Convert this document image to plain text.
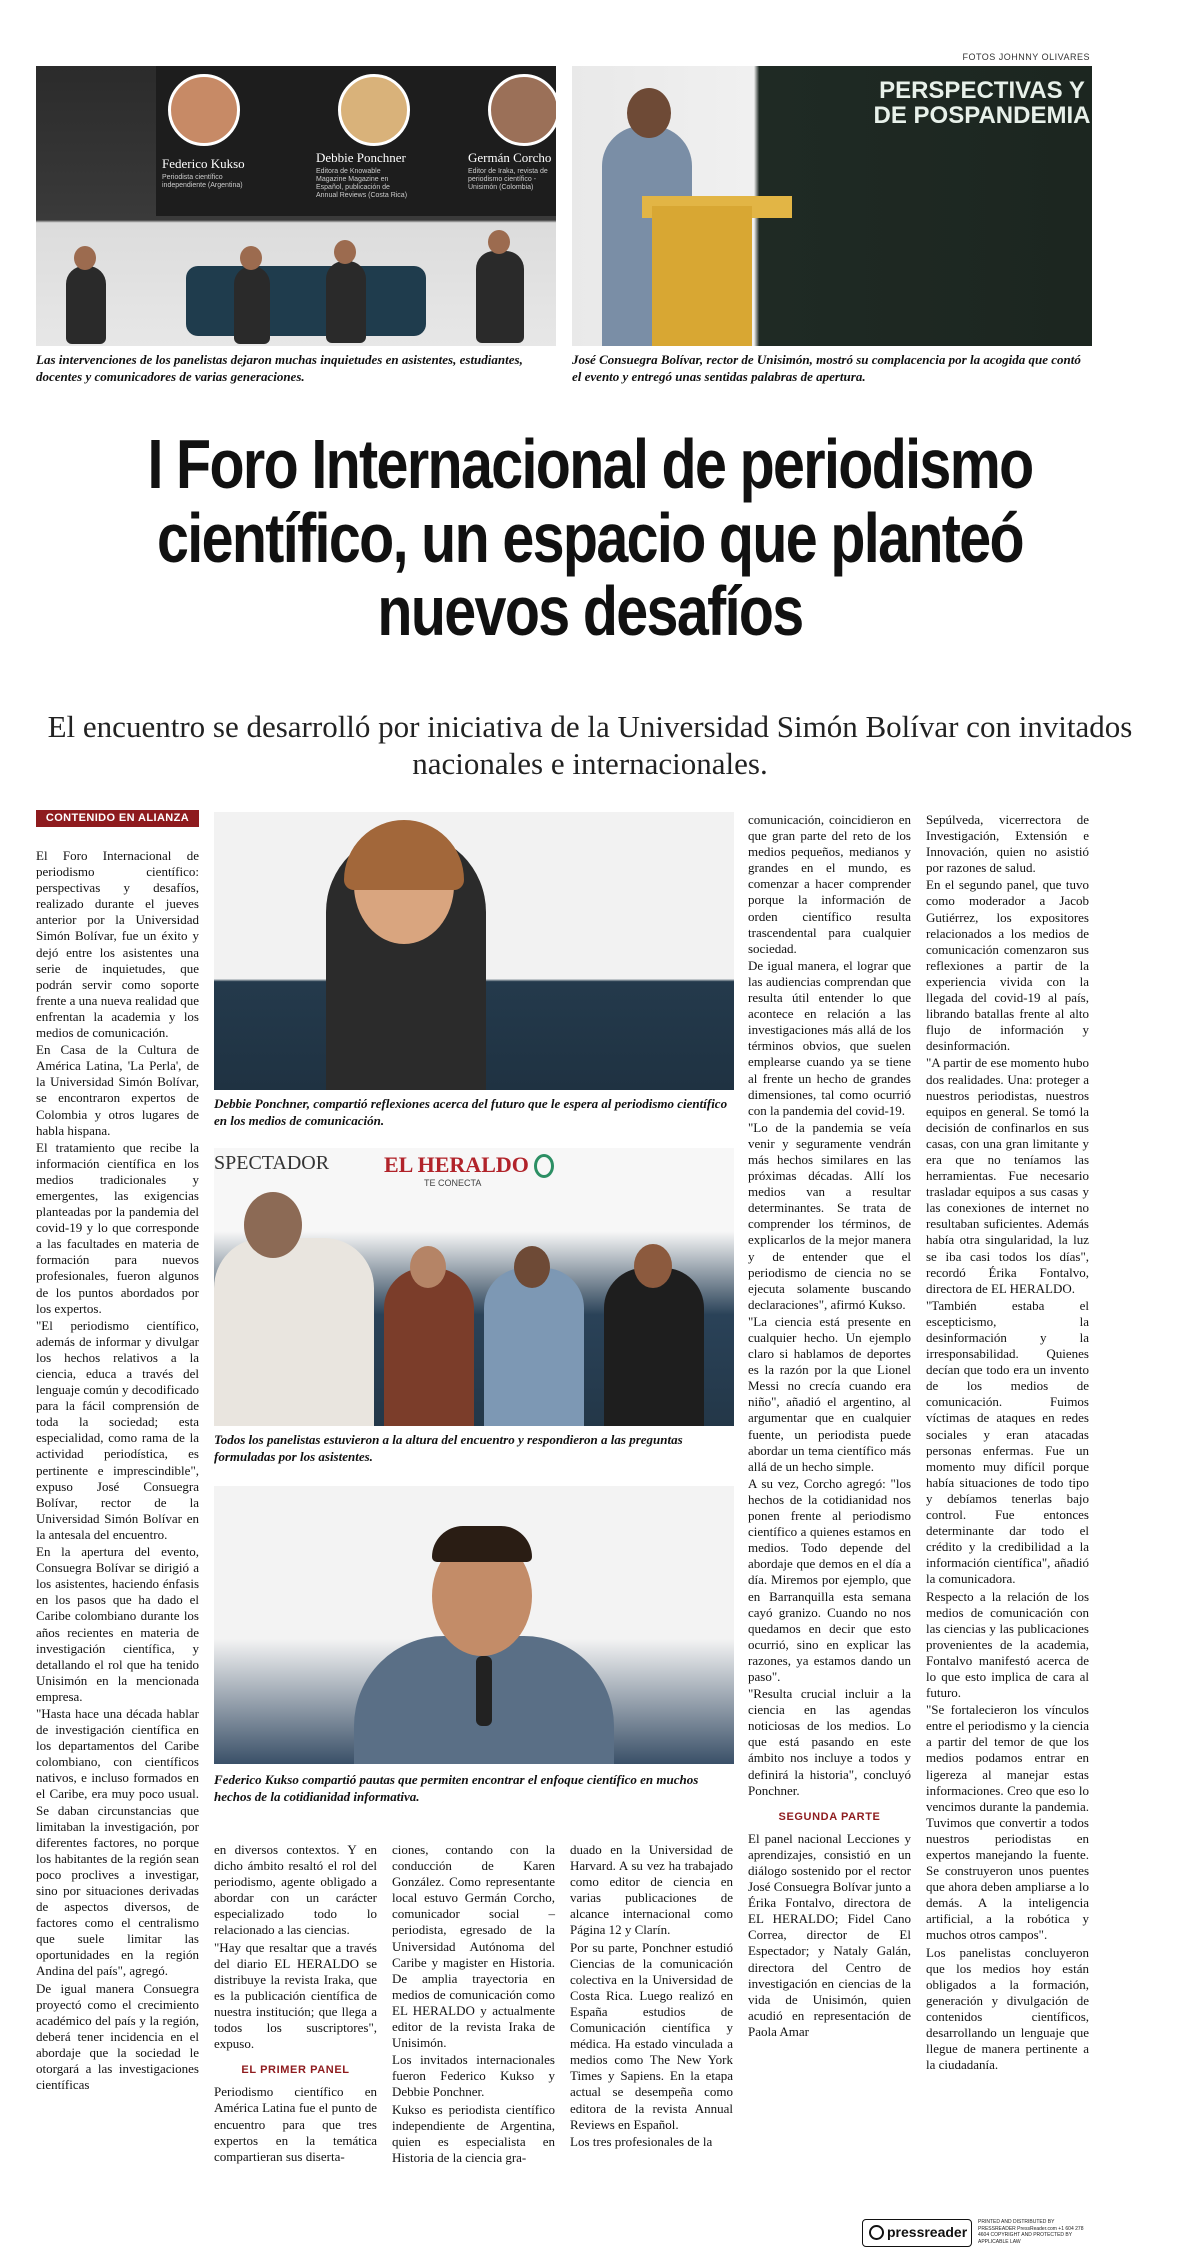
FOTOS JOHNNY OLIVARES
Federico Kukso
Periodista científico independiente (Argentina)
Debbie Ponchner
Editora de Knowable Magazine Magazine en Español, publicación de Annual Reviews (Costa Rica)
Germán Corcho
Editor de Iraka, revista de periodismo científico - Unisimón (Colombia)
Las intervenciones de los panelistas dejaron muchas inquietudes en asistentes, estudiantes, docentes y comunicadores de varias generaciones.
PERSPECTIVAS Y DE POSPANDEMIA
José Consuegra Bolívar, rector de Unisimón, mostró su complacencia por la acogida que contó el evento y entregó unas sentidas palabras de apertura.
I Foro Internacional de periodismo científico, un espacio que planteó nuevos desafíos
El encuentro se desarrolló por iniciativa de la Universidad Simón Bolívar con invitados nacionales e internacionales.
CONTENIDO EN ALIANZA
Debbie Ponchner, compartió reflexiones acerca del futuro que le espera al periodismo científico en los medios de comunicación.
SPECTADOR EL HERALDO
TE CONECTA
Todos los panelistas estuvieron a la altura del encuentro y respondieron a las preguntas formuladas por los asistentes.
Federico Kukso compartió pautas que permiten encontrar el enfoque científico en muchos hechos de la cotidianidad informativa.

El Foro Internacional de periodismo científico: perspectivas y desafíos, realizado durante el jueves anterior por la Universidad Simón Bolívar, fue un éxito y dejó entre los asistentes una serie de inquietudes, que podrán servir como soporte frente a una nueva realidad que enfrentan la academia y los medios de comunicación.

En Casa de la Cultura de América Latina, 'La Perla', de la Universidad Simón Bolívar, se encontraron expertos de Colombia y otros lugares de habla hispana.

El tratamiento que recibe la información científica en los medios tradicionales y emergentes, las exigencias planteadas por la pandemia del covid-19 y lo que corresponde a las facultades en materia de formación para nuevos profesionales, fueron algunos de los puntos abordados por los expertos.

"El periodismo científico, además de informar y divulgar los hechos relativos a la ciencia, educa a través del lenguaje común y decodificado para la fácil comprensión de toda la sociedad; esta especialidad, como rama de la actividad periodística, es pertinente e imprescindible", expuso José Consuegra Bolívar, rector de la Universidad Simón Bolívar en la antesala del encuentro.

En la apertura del evento, Consuegra Bolívar se dirigió a los asistentes, haciendo énfasis en los pasos que ha dado el Caribe colombiano durante los años recientes en materia de investigación científica, y detallando el rol que ha tenido Unisimón en la mencionada empresa.

"Hasta hace una década hablar de investigación científica en los departamentos del Caribe colombiano, con científicos nativos, e incluso formados en el Caribe, era muy poco usual. Se daban circunstancias que limitaban la investigación, por diferentes factores, no porque los habitantes de la región sean poco proclives a investigar, sino por situaciones derivadas de aspectos diversos, de factores como el centralismo que suele limitar las oportunidades en la región Andina del país", agregó.

De igual manera Consuegra proyectó como el crecimiento académico del país y la región, deberá tener incidencia en el abordaje que la sociedad le otorgará a las investigaciones científicas

en diversos contextos. Y en dicho ámbito resaltó el rol del periodismo, agente obligado a abordar con un carácter especializado todo lo relacionado a las ciencias.

"Hay que resaltar que a través del diario EL HERALDO se distribuye la revista Iraka, que es la publicación científica de nuestra institución; que llega a todos los suscriptores", expuso.

EL PRIMER PANEL

Periodismo científico en América Latina fue el punto de encuentro para que tres expertos en la temática compartieran sus diserta-

ciones, contando con la conducción de Karen González. Como representante local estuvo Germán Corcho, comunicador social – periodista, egresado de la Universidad Autónoma del Caribe y magister en Historia. De amplia trayectoria en medios de comunicación como EL HERALDO y actualmente editor de la revista Iraka de Unisimón.

Los invitados internacionales fueron Federico Kukso y Debbie Ponchner.

Kukso es periodista científico independiente de Argentina, quien es especialista en Historia de la ciencia gra-

duado en la Universidad de Harvard. A su vez ha trabajado como editor de ciencia en varias publicaciones de alcance internacional como Página 12 y Clarín.

Por su parte, Ponchner estudió Ciencias de la comunicación colectiva en la Universidad de Costa Rica. Luego realizó en España estudios de Comunicación científica y médica. Ha estado vinculada a medios como The New York Times y Sapiens. En la etapa actual se desempeña como editora de la revista Annual Reviews en Español.

Los tres profesionales de la

comunicación, coincidieron en que gran parte del reto de los medios pequeños, medianos y grandes en el mundo, es comenzar a hacer comprender porque la información de orden científico resulta trascendental para cualquier sociedad.

De igual manera, el lograr que las audiencias comprendan que resulta útil entender lo que acontece en relación a las investigaciones más allá de los términos obvios, que suelen emplearse cuando ya se tiene al frente un hecho de grandes dimensiones, tal como ocurrió con la pandemia del covid-19.

"Lo de la pandemia se veía venir y seguramente vendrán más hechos similares en las próximas décadas. Allí los medios van a resultar determinantes. Se trata de comprender los términos, de explicarlos de la mejor manera y de entender que el periodismo de ciencia no se ejecuta solamente buscando declaraciones", afirmó Kukso.

"La ciencia está presente en cualquier hecho. Un ejemplo claro si hablamos de deportes es la razón por la que Lionel Messi no crecía cuando era niño", añadió el argentino, al argumentar que en cualquier fuente, un periodista puede abordar un tema científico más allá de un hecho simple.

A su vez, Corcho agregó: "los hechos de la cotidianidad nos ponen frente al periodismo científico a quienes estamos en medios. Todo depende del abordaje que demos en el día a día. Miremos por ejemplo, que en Barranquilla esta semana cayó granizo. Cuando no nos quedamos en decir que esto ocurrió, sino en explicar las razones, ya estamos dando un paso".

"Resulta crucial incluir a la ciencia en las agendas noticiosas de los medios. Lo que está pasando en este ámbito nos incluye a todos y definirá la historia", concluyó Ponchner.

SEGUNDA PARTE

El panel nacional Lecciones y aprendizajes, consistió en un diálogo sostenido por el rector José Consuegra Bolívar junto a Érika Fontalvo, directora de EL HERALDO; Fidel Cano Correa, director de El Espectador; y Nataly Galán, directora del Centro de investigación en ciencias de la vida de Unisimón, quien acudió en representación de Paola Amar

Sepúlveda, vicerrectora de Investigación, Extensión e Innovación, quien no asistió por razones de salud.

En el segundo panel, que tuvo como moderador a Jacob Gutiérrez, los expositores relacionados a los medios de comunicación comenzaron sus reflexiones a partir de la experiencia vivida con la llegada del covid-19 al país, librando batallas frente al alto flujo de información y desinformación.

"A partir de ese momento hubo dos realidades. Una: proteger a nuestros periodistas, nuestros equipos en general. Se tomó la decisión de confinarlos en sus casas, con una gran limitante y era que no teníamos las herramientas. Fue necesario trasladar equipos a sus casas y las conexiones de internet no resultaban suficientes. Además había otra singularidad, la luz se iba casi todos los días", recordó Érika Fontalvo, directora de EL HERALDO.

"También estaba el escepticismo, la desinformación y la irresponsabilidad. Quienes decían que todo era un invento de los medios de comunicación. Fuimos víctimas de ataques en redes sociales y eran atacadas personas enfermas. Fue un momento muy difícil porque había situaciones de todo tipo y debíamos tenerlas bajo control. Fue entonces determinante dar todo el crédito y la credibilidad a la información científica", añadió la comunicadora.

Respecto a la relación de los medios de comunicación con las ciencias y las publicaciones provenientes de la academia, Fontalvo manifestó acerca de lo que esto implica de cara al futuro.

"Se fortalecieron los vínculos entre el periodismo y la ciencia a partir del temor de que los medios podamos entrar en ligereza al manejar estas informaciones. Creo que eso lo vencimos durante la pandemia. Tuvimos que convertir a todos nuestros periodistas en expertos manejando la fuente. Se construyeron unos puentes que ahora deben ampliarse a lo demás. A la inteligencia artificial, a la robótica y muchos otros campos".

Los panelistas concluyeron que los medios hoy están obligados a la formación, generación y divulgación de contenidos científicos, desarrollando un lenguaje que llegue de manera pertinente a la ciudadanía.

pressreader
PRINTED AND DISTRIBUTED BY PRESSREADER PressReader.com +1 604 278 4604 COPYRIGHT AND PROTECTED BY APPLICABLE LAW
